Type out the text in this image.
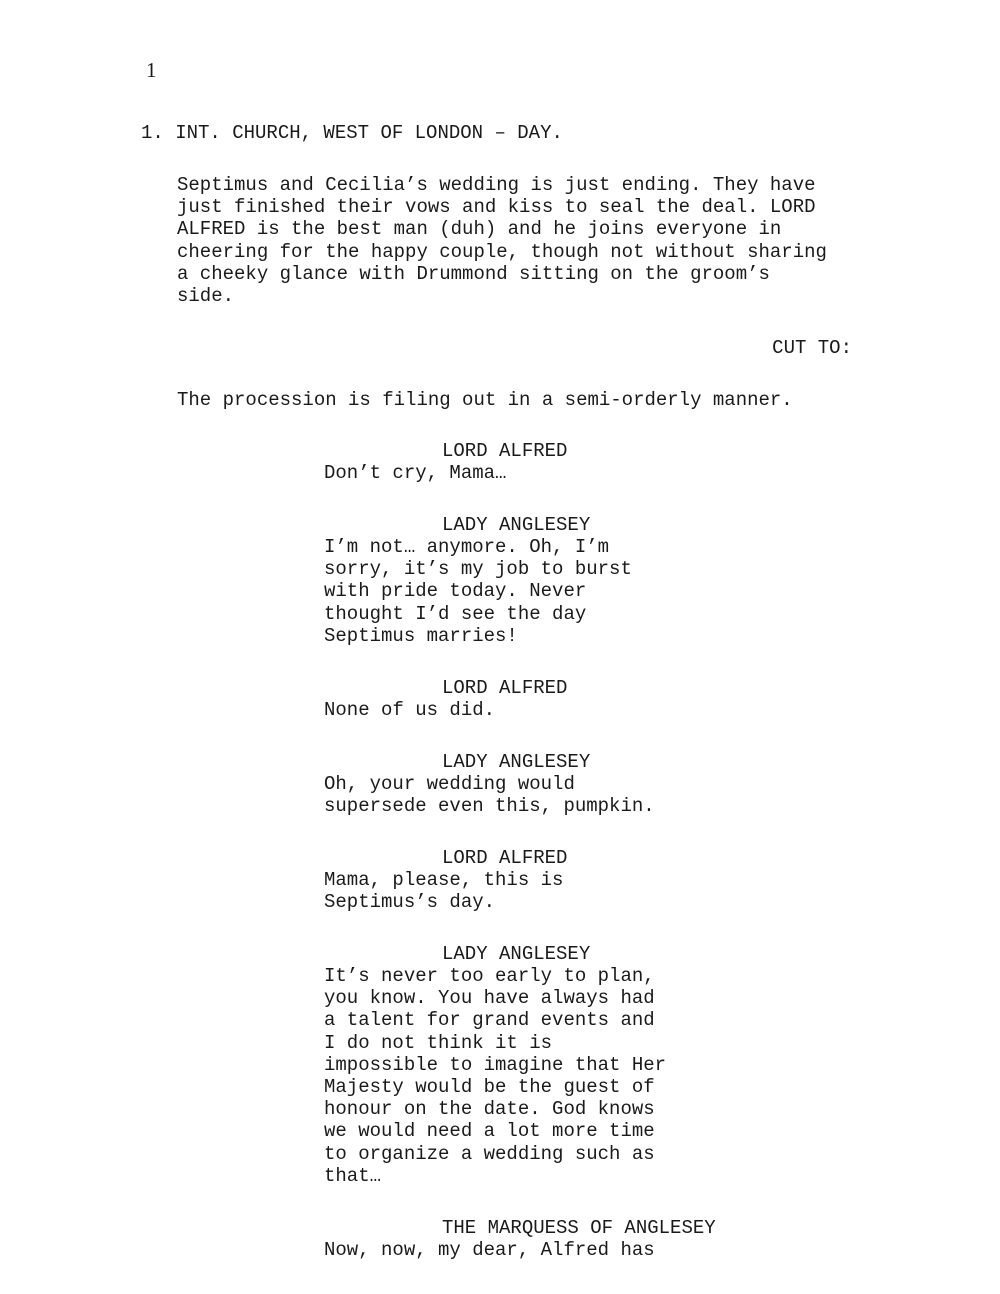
1
1. INT. CHURCH, WEST OF LONDON – DAY.
Septimus and Cecilia’s wedding is just ending. They have
just finished their vows and kiss to seal the deal. LORD
ALFRED is the best man (duh) and he joins everyone in
cheering for the happy couple, though not without sharing
a cheeky glance with Drummond sitting on the groom’s
side.
CUT TO:
The procession is filing out in a semi-orderly manner.
LORD ALFRED
Don’t cry, Mama…
LADY ANGLESEY
I’m not… anymore. Oh, I’m
sorry, it’s my job to burst
with pride today. Never
thought I’d see the day
Septimus marries!
LORD ALFRED
None of us did.
LADY ANGLESEY
Oh, your wedding would
supersede even this, pumpkin.
LORD ALFRED
Mama, please, this is
Septimus’s day.
LADY ANGLESEY
It’s never too early to plan,
you know. You have always had
a talent for grand events and
I do not think it is
impossible to imagine that Her
Majesty would be the guest of
honour on the date. God knows
we would need a lot more time
to organize a wedding such as
that…
THE MARQUESS OF ANGLESEY
Now, now, my dear, Alfred has
